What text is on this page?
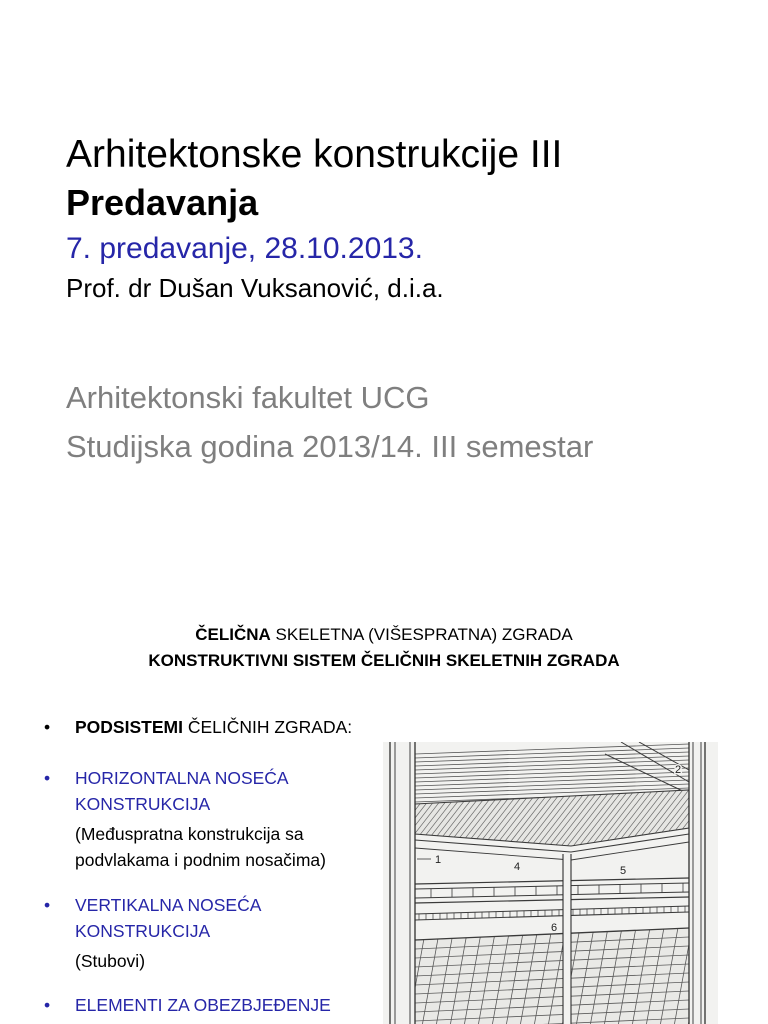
Arhitektonske konstrukcije III
Predavanja
7. predavanje, 28.10.2013.
Prof. dr Dušan Vuksanović, d.i.a.
Arhitektonski fakultet UCG
Studijska godina 2013/14. III semestar
ČELIČNA SKELETNA (VIŠESPRATNA) ZGRADA
KONSTRUKTIVNI SISTEM ČELIČNIH SKELETNIH ZGRADA
• PODSISTEMI ČELIČNIH ZGRADA:
• HORIZONTALNA NOSEĆA KONSTRUKCIJA
(Međuspratna konstrukcija sa podvlakama i podnim nosačima)
• VERTIKALNA NOSEĆA KONSTRUKCIJA
(Stubovi)
• ELEMENTI ZA OBEZBJEĐENJE
1
2
4	5
6
